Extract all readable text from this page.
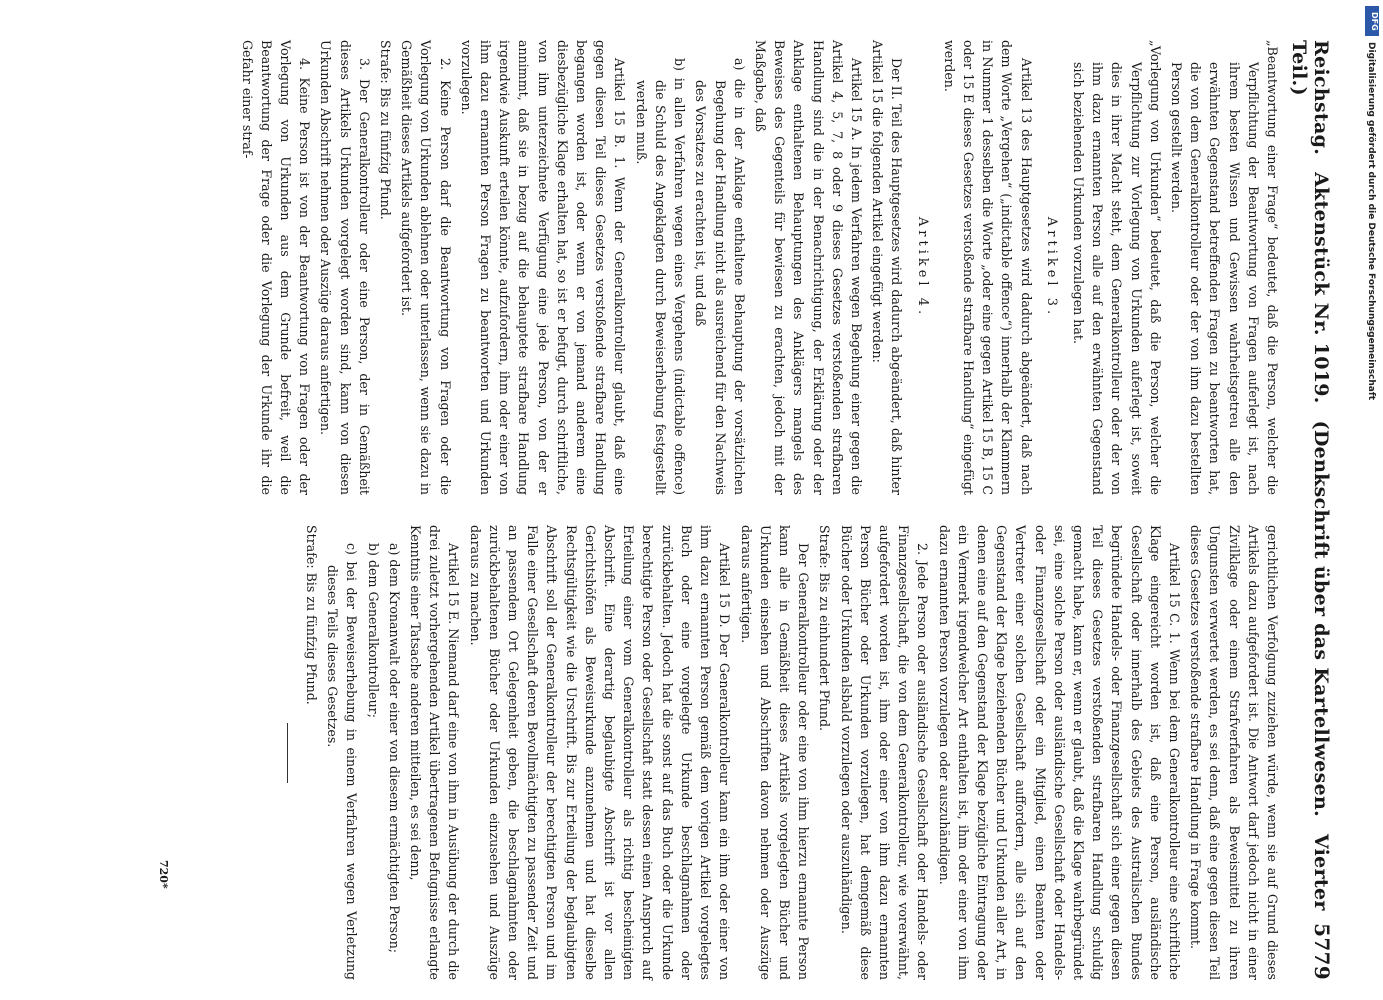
Reichstag. Aktenstück Nr. 1019. (Denkschrift über das Kartellwesen. Vierter Teil.)
5779

„Beantwortung einer Frage“ bedeutet, daß die Person, welcher die Verpflichtung der Beantwortung von Fragen auferlegt ist, nach ihrem besten Wissen und Gewissen wahrheitsgetreu alle den erwähnten Gegenstand betreffenden Fragen zu beantworten hat, die von dem Generalkontrolleur oder der von ihm dazu bestellten Person gestellt werden.

„Vorlegung von Urkunden“ bedeutet, daß die Person, welcher die Verpflichtung zur Vorlegung von Urkunden auferlegt ist, soweit dies in ihrer Macht steht, dem Generalkontrolleur oder der von ihm dazu ernannten Person alle auf den erwähnten Gegenstand sich beziehenden Urkunden vorzulegen hat.

Artikel 3.

Artikel 13 des Hauptgesetzes wird dadurch abgeändert, daß nach dem Worte „Vergehen“ („indictable offence“) innerhalb der Klammern in Nummer 1 desselben die Worte „oder eine gegen Artikel 15 B, 15 C oder 15 E dieses Gesetzes verstoßende strafbare Handlung“ eingefügt werden.

Artikel 4.

Der II. Teil des Hauptgesetzes wird dadurch abgeändert, daß hinter Artikel 15 die folgenden Artikel eingefügt werden:

Artikel 15 A. In jedem Verfahren wegen Begehung einer gegen die Artikel 4, 5, 7, 8 oder 9 dieses Gesetzes verstoßenden strafbaren Handlung sind die in der Benachrichtigung, der Erklärung oder der Anklage enthaltenen Behauptungen des Anklägers mangels des Beweises des Gegenteils für bewiesen zu erachten, jedoch mit der Maßgabe, daß

a) die in der Anklage enthaltene Behauptung der vorsätzlichen Begehung der Handlung nicht als ausreichend für den Nachweis des Vorsatzes zu erachten ist, und daß

b) in allen Verfahren wegen eines Vergehens (indictable offence) die Schuld des Angeklagten durch Beweiserhebung festgestellt werden muß.

Artikel 15 B. 1. Wenn der Generalkontrolleur glaubt, daß eine gegen diesen Teil dieses Gesetzes verstoßende strafbare Handlung begangen worden ist, oder wenn er von jemand anderem eine diesbezügliche Klage erhalten hat, so ist er befugt, durch schriftliche, von ihm unterzeichnete Verfügung eine jede Person, von der er annimmt, daß sie in bezug auf die behauptete strafbare Handlung irgendwie Auskunft erteilen könnte, aufzufordern, ihm oder einer von ihm dazu ernannten Person Fragen zu beantworten und Urkunden vorzulegen.

2. Keine Person darf die Beantwortung von Fragen oder die Vorlegung von Urkunden ablehnen oder unterlassen, wenn sie dazu in Gemäßheit dieses Artikels aufgefordert ist.

Strafe: Bis zu fünfzig Pfund.

3. Der Generalkontrolleur oder eine Person, der in Gemäßheit dieses Artikels Urkunden vorgelegt worden sind, kann von diesen Urkunden Abschrift nehmen oder Auszüge daraus anfertigen.

4. Keine Person ist von der Beantwortung von Fragen oder der Vorlegung von Urkunden aus dem Grunde befreit, weil die Beantwortung der Frage oder die Vorlegung der Urkunde ihr die Gefahr einer straf-

gerichtlichen Verfolgung zuziehen würde, wenn sie auf Grund dieses Artikels dazu aufgefordert ist. Die Antwort darf jedoch nicht in einer Zivilklage oder einem Strafverfahren als Beweismittel zu ihren Ungunsten verwertet werden, es sei denn, daß eine gegen diesen Teil dieses Gesetzes verstoßende strafbare Handlung in Frage kommt.

Artikel 15 C. 1. Wenn bei dem Generalkontrolleur eine schriftliche Klage eingereicht worden ist, daß eine Person, ausländische Gesellschaft oder innerhalb des Gebiets des Australischen Bundes begründete Handels- oder Finanzgesellschaft sich einer gegen diesen Teil dieses Gesetzes verstoßenden strafbaren Handlung schuldig gemacht habe, kann er, wenn er glaubt, daß die Klage wahrbegründet sei, eine solche Person oder ausländische Gesellschaft oder Handels- oder Finanzgesellschaft oder ein Mitglied, einen Beamten oder Vertreter einer solchen Gesellschaft auffordern, alle sich auf den Gegenstand der Klage beziehenden Bücher und Urkunden aller Art, in denen eine auf den Gegenstand der Klage bezügliche Eintragung oder ein Vermerk irgendwelcher Art enthalten ist, ihm oder einer von ihm dazu ernannten Person vorzulegen oder auszuhändigen.

2. Jede Person oder ausländische Gesellschaft oder Handels- oder Finanzgesellschaft, die von dem Generalkontrolleur, wie vorerwähnt, aufgefordert worden ist, ihm oder einer von ihm dazu ernannten Person Bücher oder Urkunden vorzulegen, hat demgemäß diese Bücher oder Urkunden alsbald vorzulegen oder auszuhändigen.

Strafe: Bis zu einhundert Pfund.

Der Generalkontrolleur oder eine von ihm hierzu ernannte Person kann alle in Gemäßheit dieses Artikels vorgelegten Bücher und Urkunden einsehen und Abschriften davon nehmen oder Auszüge daraus anfertigen.

Artikel 15 D. Der Generalkontrolleur kann ein ihm oder einer von ihm dazu ernannten Person gemäß dem vorigen Artikel vorgelegtes Buch oder eine vorgelegte Urkunde beschlagnahmen oder zurückbehalten. Jedoch hat die sonst auf das Buch oder die Urkunde berechtigte Person oder Gesellschaft statt dessen einen Anspruch auf Erteilung einer vom Generalkontrolleur als richtig bescheinigten Abschrift. Eine derartig beglaubigte Abschrift ist vor allen Gerichtshöfen als Beweisurkunde anzunehmen und hat dieselbe Rechtsgültigkeit wie die Urschrift. Bis zur Erteilung der beglaubigten Abschrift soll der Generalkontrolleur der berechtigten Person und im Falle einer Gesellschaft deren Bevollmächtigten zu passender Zeit und an passendem Ort Gelegenheit geben, die beschlagnahmten oder zurückbehaltenen Bücher oder Urkunden einzusehen und Auszüge daraus zu machen.

Artikel 15 E. Niemand darf eine von ihm in Ausübung der durch die drei zuletzt vorhergehenden Artikel übertragenen Befugnisse erlangte Kenntnis einer Tatsache anderen mitteilen, es sei denn,

a) dem Kronanwalt oder einer von diesem ermächtigten Person;

b) dem Generalkontrolleur;

c) bei der Beweiserhebung in einem Verfahren wegen Verletzung dieses Teils dieses Gesetzes.

Strafe: Bis zu fünfzig Pfund.

720*
DFG
Digitalisierung gefördert durch die Deutsche Forschungsgemeinschaft
